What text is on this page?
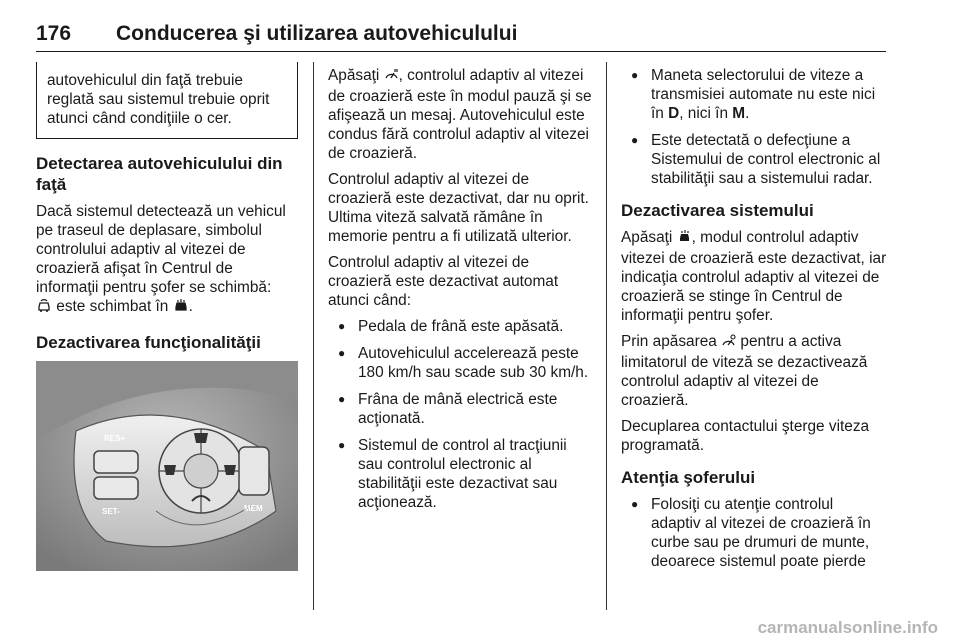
176 Conducerea şi utilizarea autovehiculului
autovehiculul din faţă trebuie reglată sau sistemul trebuie oprit atunci când condiţiile o cer.
Detectarea autovehiculului din faţă
Dacă sistemul detectează un vehicul pe traseul de deplasare, simbolul controlului adaptiv al vitezei de croazieră afişat în Centrul de informaţii pentru şofer se schimbă:
este schimbat în .
Dezactivarea funcţionalităţii
RES+
SET-	MEM
Apăsaţi , controlul adaptiv al vitezei de croazieră este în modul pauză şi se afişează un mesaj. Autovehiculul este condus fără controlul adaptiv al vitezei de croazieră.
Controlul adaptiv al vitezei de croazieră este dezactivat, dar nu oprit. Ultima viteză salvată rămâne în memorie pentru a fi utilizată ulterior.
Controlul adaptiv al vitezei de croazieră este dezactivat automat atunci când:
● Pedala de frână este apăsată.
● Autovehiculul accelerează peste 180 km/h sau scade sub 30 km/h.
● Frâna de mână electrică este acţionată.
● Sistemul de control al tracţiunii sau controlul electronic al stabilităţii este dezactivat sau acţionează.
● Maneta selectorului de viteze a transmisiei automate nu este nici în D, nici în M.
● Este detectată o defecţiune a Sistemului de control electronic al stabilităţii sau a sistemului radar.
Dezactivarea sistemului
Apăsaţi , modul controlul adaptiv vitezei de croazieră este dezactivat, iar indicaţia controlul adaptiv al vitezei de croazieră se stinge în Centrul de informaţii pentru şofer.
Prin apăsarea  pentru a activa limitatorul de viteză se dezactivează controlul adaptiv al vitezei de croazieră.
Decuplarea contactului şterge viteza programată.
Atenţia şoferului
● Folosiţi cu atenţie controlul adaptiv al vitezei de croazieră în curbe sau pe drumuri de munte, deoarece sistemul poate pierde
carmanualsonline.info
